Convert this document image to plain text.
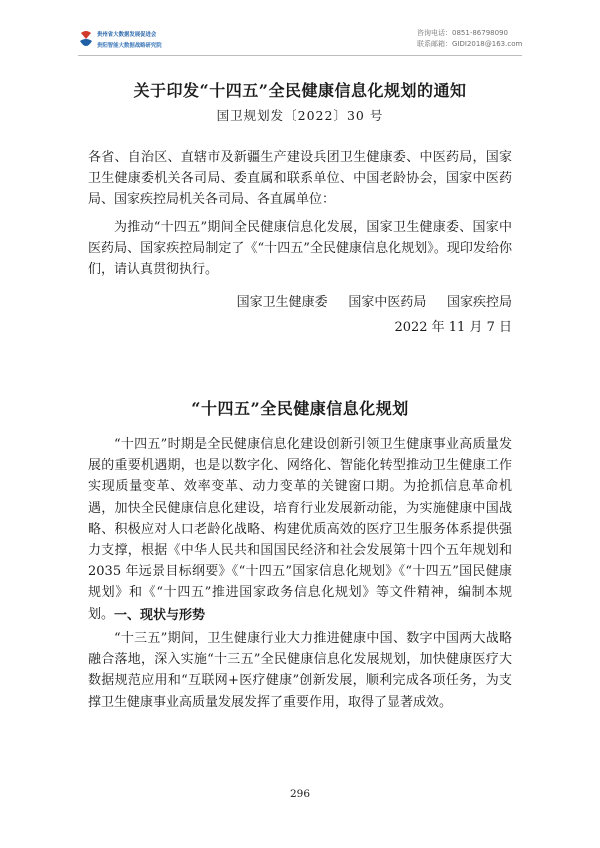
贵州省大数据发展促进会
贵阳智能大数据战略研究院
咨询电话：0851-86798090
联系邮箱：GIDI2018@163.com
关于印发“十四五”全民健康信息化规划的通知
国卫规划发〔2022〕30 号

各省、自治区、直辖市及新疆生产建设兵团卫生健康委、中医药局，国家卫生健康委机关各司局、委直属和联系单位、中国老龄协会，国家中医药局、国家疾控局机关各司局、各直属单位：

为推动“十四五”期间全民健康信息化发展，国家卫生健康委、国家中医药局、国家疾控局制定了《“十四五”全民健康信息化规划》。现印发给你们，请认真贯彻执行。

国家卫生健康委     国家中医药局     国家疾控局
2022 年 11 月 7 日
“十四五”全民健康信息化规划

“十四五”时期是全民健康信息化建设创新引领卫生健康事业高质量发展的重要机遇期，也是以数字化、网络化、智能化转型推动卫生健康工作实现质量变革、效率变革、动力变革的关键窗口期。为抢抓信息革命机遇，加快全民健康信息化建设，培育行业发展新动能，为实施健康中国战略、积极应对人口老龄化战略、构建优质高效的医疗卫生服务体系提供强力支撑，根据《中华人民共和国国民经济和社会发展第十四个五年规划和 2035 年远景目标纲要》《“十四五”国家信息化规划》《“十四五”国民健康规划》和《“十四五”推进国家政务信息化规划》等文件精神，编制本规划。 一、现状与形势

“十三五”期间，卫生健康行业大力推进健康中国、数字中国两大战略融合落地，深入实施“十三五”全民健康信息化发展规划，加快健康医疗大数据规范应用和“互联网+医疗健康”创新发展，顺利完成各项任务，为支撑卫生健康事业高质量发展发挥了重要作用，取得了显著成效。

296
